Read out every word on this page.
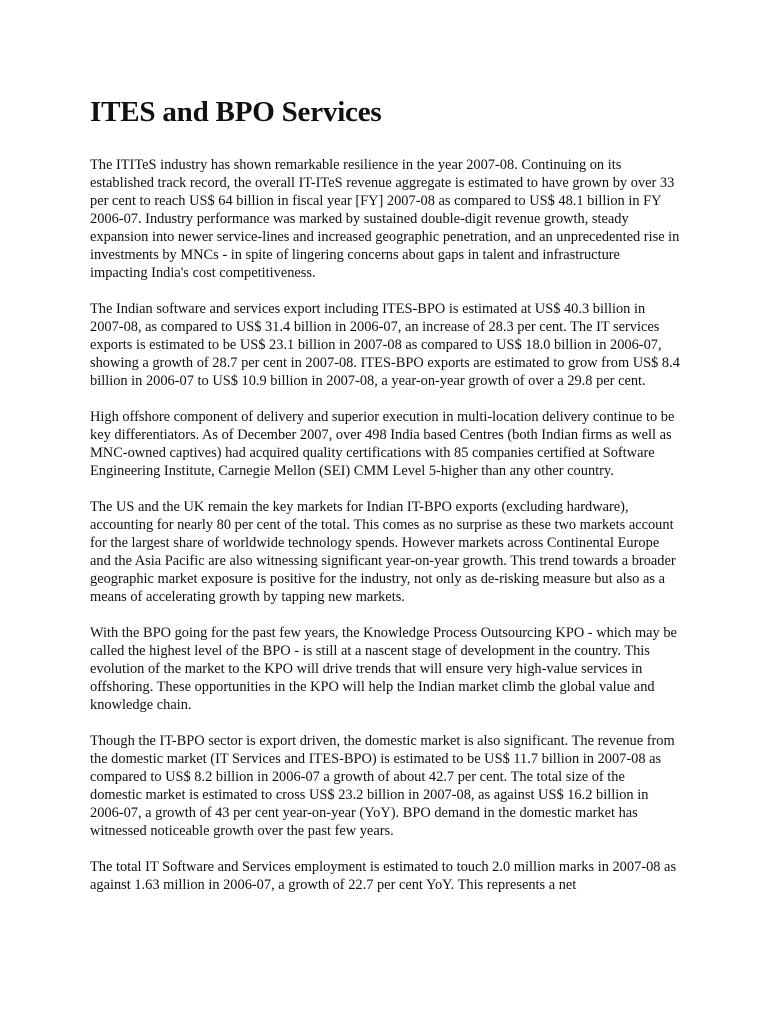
ITES and BPO Services

The ITITeS industry has shown remarkable resilience in the year 2007-08. Continuing on its established track record, the overall IT-ITeS revenue aggregate is estimated to have grown by over 33 per cent to reach US$ 64 billion in fiscal year [FY] 2007-08 as compared to US$ 48.1 billion in FY 2006-07. Industry performance was marked by sustained double-digit revenue growth, steady expansion into newer service-lines and increased geographic penetration, and an unprecedented rise in investments by MNCs - in spite of lingering concerns about gaps in talent and infrastructure impacting India's cost competitiveness.

The Indian software and services export including ITES-BPO is estimated at US$ 40.3 billion in 2007-08, as compared to US$ 31.4 billion in 2006-07, an increase of 28.3 per cent. The IT services exports is estimated to be US$ 23.1 billion in 2007-08 as compared to US$ 18.0 billion in 2006-07, showing a growth of 28.7 per cent in 2007-08. ITES-BPO exports are estimated to grow from US$ 8.4 billion in 2006-07 to US$ 10.9 billion in 2007-08, a year-on-year growth of over a 29.8 per cent.

High offshore component of delivery and superior execution in multi-location delivery continue to be key differentiators. As of December 2007, over 498 India based Centres (both Indian firms as well as MNC-owned captives) had acquired quality certifications with 85 companies certified at Software Engineering Institute, Carnegie Mellon (SEI) CMM Level 5-higher than any other country.

The US and the UK remain the key markets for Indian IT-BPO exports (excluding hardware), accounting for nearly 80 per cent of the total. This comes as no surprise as these two markets account for the largest share of worldwide technology spends. However markets across Continental Europe and the Asia Pacific are also witnessing significant year-on-year growth. This trend towards a broader geographic market exposure is positive for the industry, not only as de-risking measure but also as a means of accelerating growth by tapping new markets.

With the BPO going for the past few years, the Knowledge Process Outsourcing KPO - which may be called the highest level of the BPO - is still at a nascent stage of development in the country. This evolution of the market to the KPO will drive trends that will ensure very high-value services in offshoring. These opportunities in the KPO will help the Indian market climb the global value and knowledge chain.

Though the IT-BPO sector is export driven, the domestic market is also significant. The revenue from the domestic market (IT Services and ITES-BPO) is estimated to be US$ 11.7 billion in 2007-08 as compared to US$ 8.2 billion in 2006-07 a growth of about 42.7 per cent. The total size of the domestic market is estimated to cross US$ 23.2 billion in 2007-08, as against US$ 16.2 billion in 2006-07, a growth of 43 per cent year-on-year (YoY). BPO demand in the domestic market has witnessed noticeable growth over the past few years.

The total IT Software and Services employment is estimated to touch 2.0 million marks in 2007-08 as against 1.63 million in 2006-07, a growth of 22.7 per cent YoY. This represents a net
